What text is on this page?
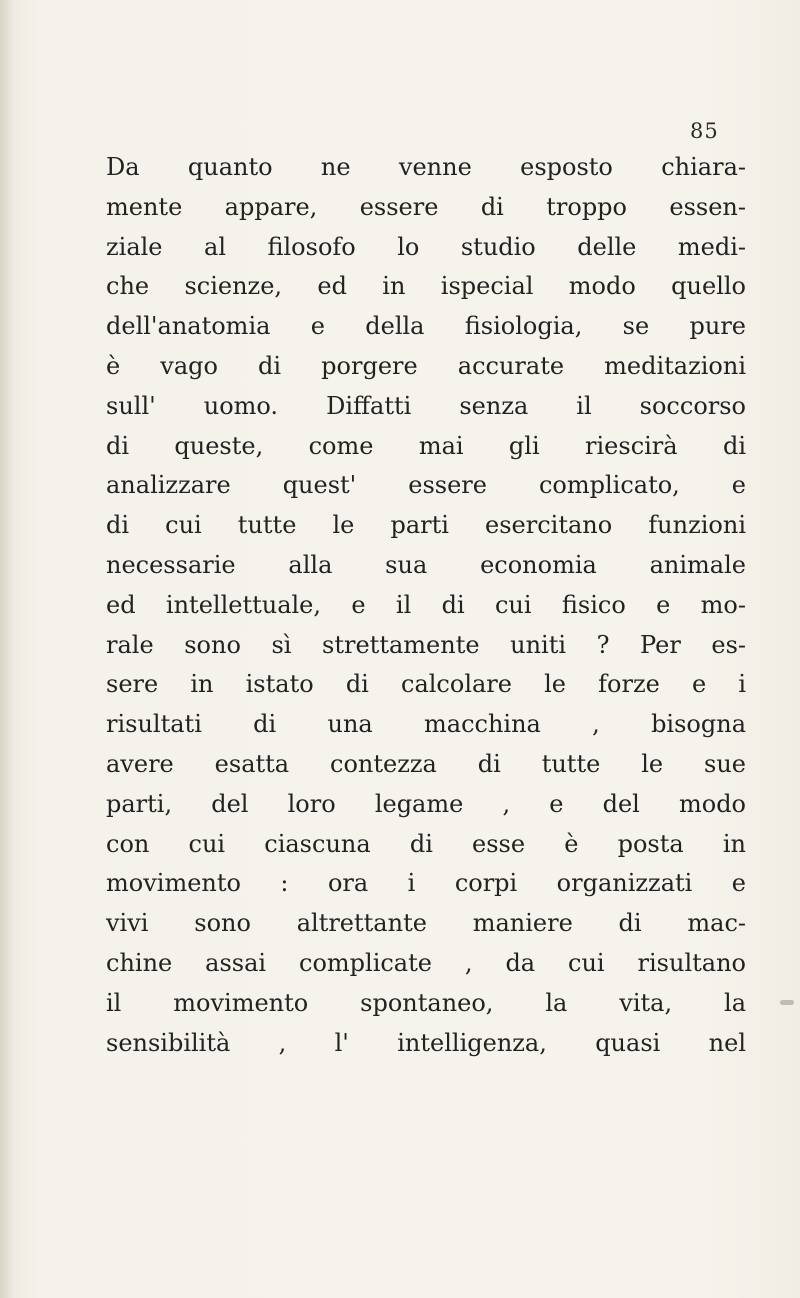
85
Da quanto ne venne esposto chiara-
mente appare, essere di troppo essen-
ziale al filosofo lo studio delle medi-
che scienze, ed in ispecial modo quello
dell'anatomia e della fisiologia, se pure
è vago di porgere accurate meditazioni
sull' uomo. Diffatti senza il soccorso
di queste, come mai gli riescirà di
analizzare quest' essere complicato, e
di cui tutte le parti esercitano funzioni
necessarie alla sua economia animale
ed intellettuale, e il di cui fisico e mo-
rale sono sì strettamente uniti ? Per es-
sere in istato di calcolare le forze e i
risultati di una macchina , bisogna
avere esatta contezza di tutte le sue
parti, del loro legame , e del modo
con cui ciascuna di esse è posta in
movimento : ora i corpi organizzati e
vivi sono altrettante maniere di mac-
chine assai complicate , da cui risultano
il movimento spontaneo, la vita, la
sensibilità , l' intelligenza, quasi nel
